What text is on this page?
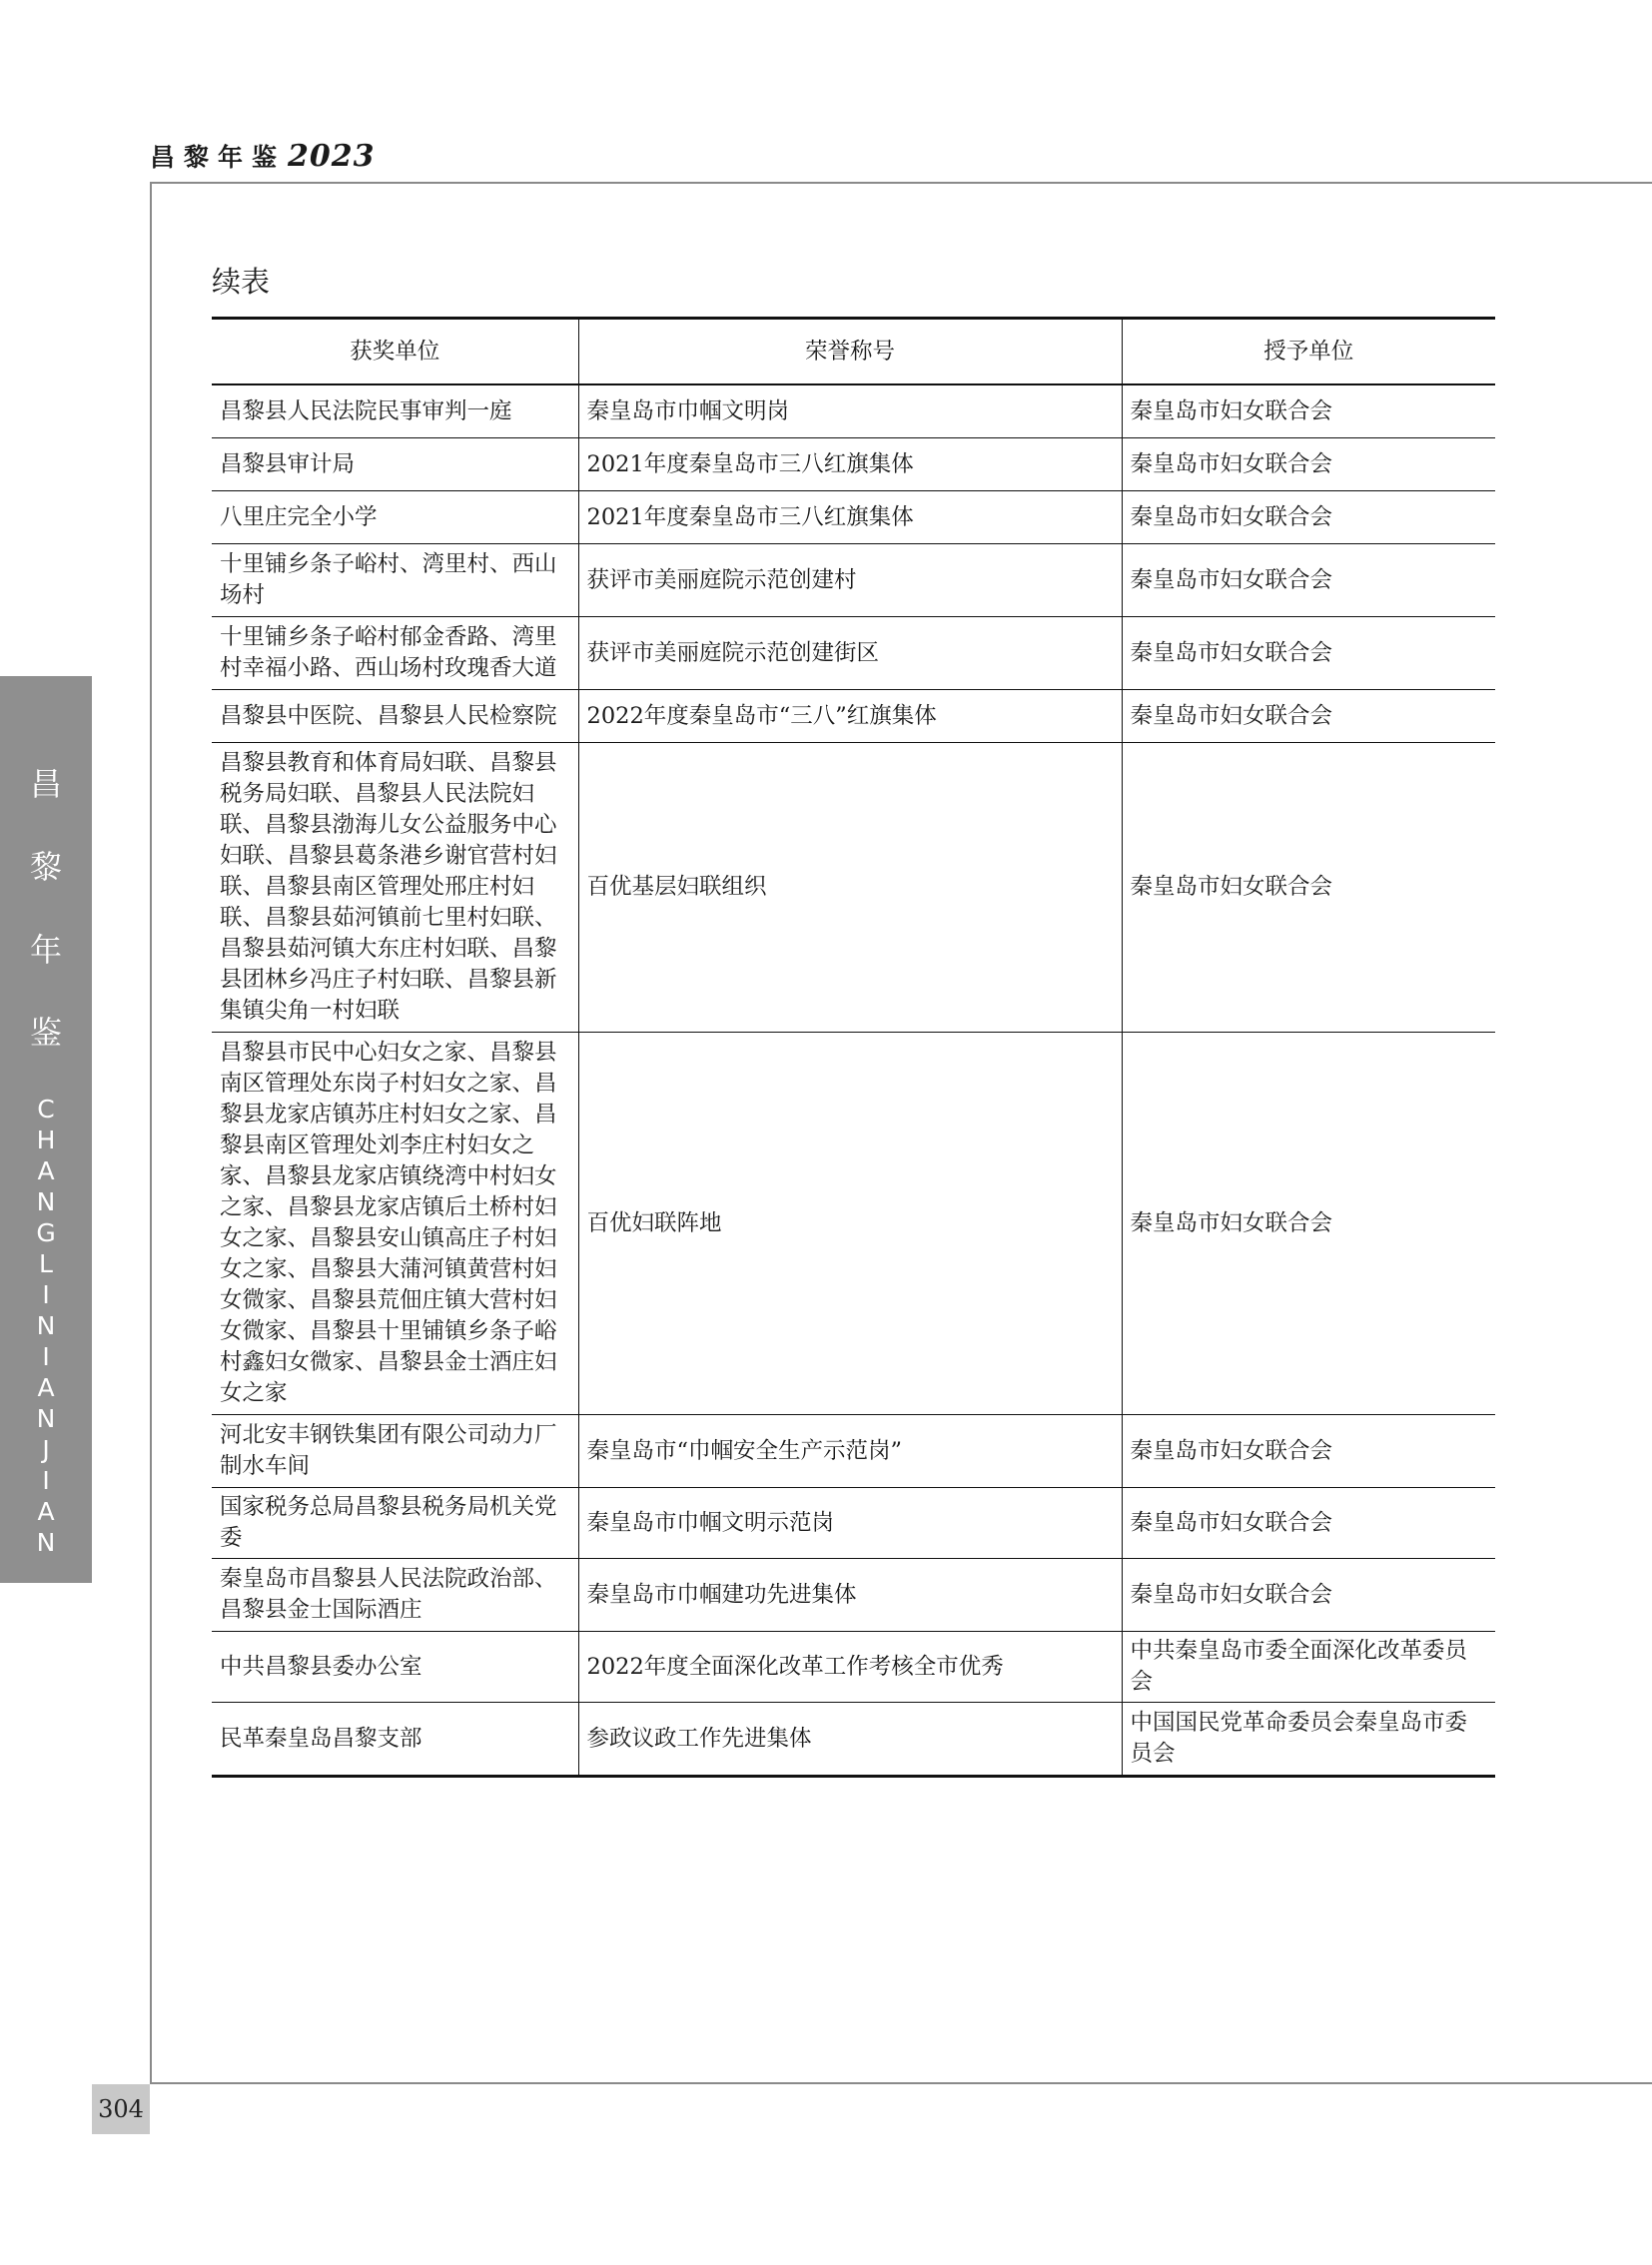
昌黎年鉴2023
昌
黎
年
鉴
C
H
A
N
G
L
I
N
I
A
N
J
I
A
N
304
续表
获奖单位	荣誉称号	授予单位
昌黎县人民法院民事审判一庭	秦皇岛市巾帼文明岗	秦皇岛市妇女联合会
昌黎县审计局	2021年度秦皇岛市三八红旗集体	秦皇岛市妇女联合会
八里庄完全小学	2021年度秦皇岛市三八红旗集体	秦皇岛市妇女联合会
十里铺乡条子峪村、湾里村、西山场村	获评市美丽庭院示范创建村	秦皇岛市妇女联合会
十里铺乡条子峪村郁金香路、湾里村幸福小路、西山场村玫瑰香大道	获评市美丽庭院示范创建街区	秦皇岛市妇女联合会
昌黎县中医院、昌黎县人民检察院	2022年度秦皇岛市“三八”红旗集体	秦皇岛市妇女联合会
昌黎县教育和体育局妇联、昌黎县税务局妇联、昌黎县人民法院妇联、昌黎县渤海儿女公益服务中心妇联、昌黎县葛条港乡谢官营村妇联、昌黎县南区管理处邢庄村妇联、昌黎县茹河镇前七里村妇联、昌黎县茹河镇大东庄村妇联、昌黎县团林乡冯庄子村妇联、昌黎县新集镇尖角一村妇联	百优基层妇联组织	秦皇岛市妇女联合会
昌黎县市民中心妇女之家、昌黎县南区管理处东岗子村妇女之家、昌黎县龙家店镇苏庄村妇女之家、昌黎县南区管理处刘李庄村妇女之家、昌黎县龙家店镇绕湾中村妇女之家、昌黎县龙家店镇后土桥村妇女之家、昌黎县安山镇高庄子村妇女之家、昌黎县大蒲河镇黄营村妇女微家、昌黎县荒佃庄镇大营村妇女微家、昌黎县十里铺镇乡条子峪村鑫妇女微家、昌黎县金士酒庄妇女之家	百优妇联阵地	秦皇岛市妇女联合会
河北安丰钢铁集团有限公司动力厂制水车间	秦皇岛市“巾帼安全生产示范岗”	秦皇岛市妇女联合会
国家税务总局昌黎县税务局机关党委	秦皇岛市巾帼文明示范岗	秦皇岛市妇女联合会
秦皇岛市昌黎县人民法院政治部、昌黎县金士国际酒庄	秦皇岛市巾帼建功先进集体	秦皇岛市妇女联合会
中共昌黎县委办公室	2022年度全面深化改革工作考核全市优秀	中共秦皇岛市委全面深化改革委员会
民革秦皇岛昌黎支部	参政议政工作先进集体	中国国民党革命委员会秦皇岛市委员会
